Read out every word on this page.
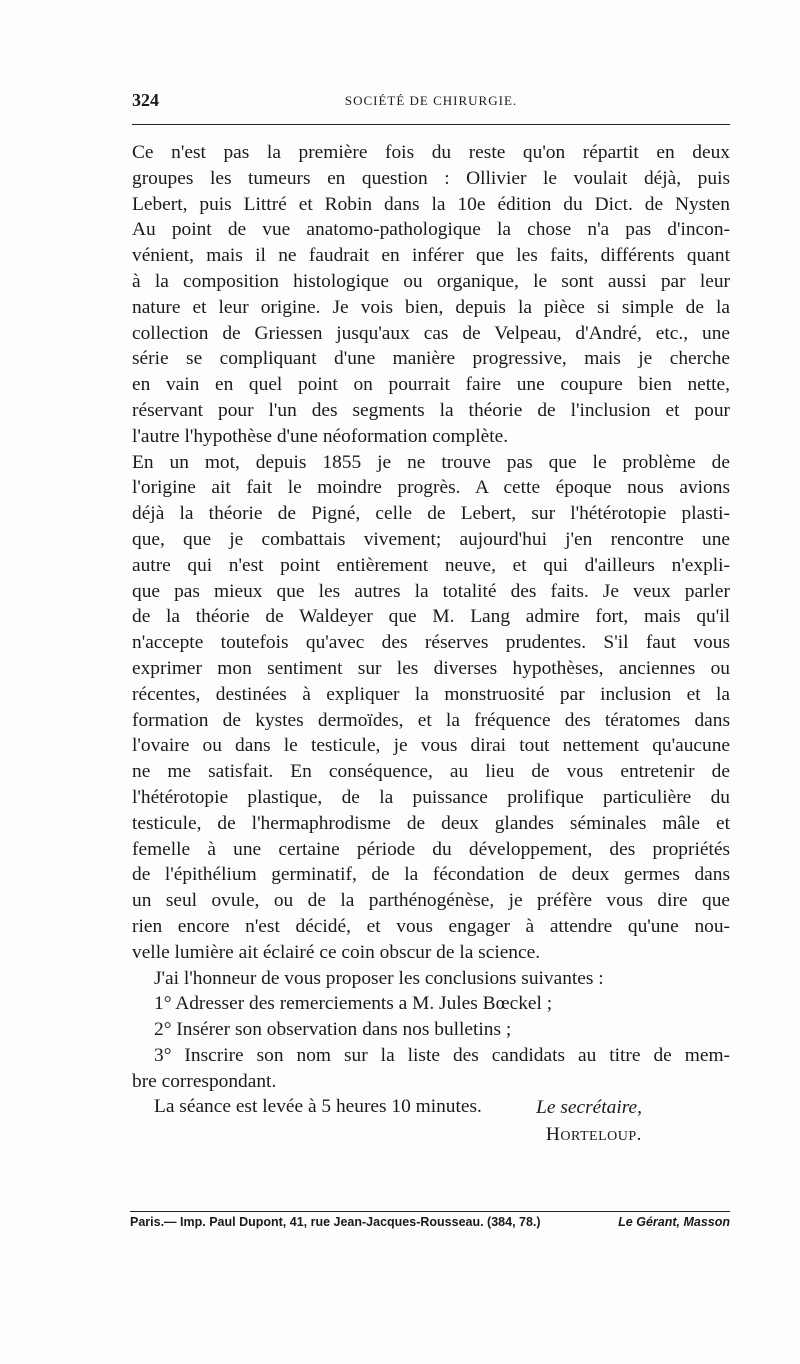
324	SOCIÉTÉ DE CHIRURGIE.
Ce n'est pas la première fois du reste qu'on répartit en deux
groupes les tumeurs en question : Ollivier le voulait déjà, puis
Lebert, puis Littré et Robin dans la 10e édition du Dict. de Nysten
Au point de vue anatomo-pathologique la chose n'a pas d'incon-
vénient, mais il ne faudrait en inférer que les faits, différents quant
à la composition histologique ou organique, le sont aussi par leur
nature et leur origine. Je vois bien, depuis la pièce si simple de la
collection de Griessen jusqu'aux cas de Velpeau, d'André, etc., une
série se compliquant d'une manière progressive, mais je cherche
en vain en quel point on pourrait faire une coupure bien nette,
réservant pour l'un des segments la théorie de l'inclusion et pour
l'autre l'hypothèse d'une néoformation complète.
En un mot, depuis 1855 je ne trouve pas que le problème de
l'origine ait fait le moindre progrès. A cette époque nous avions
déjà la théorie de Pigné, celle de Lebert, sur l'hétérotopie plasti-
que, que je combattais vivement; aujourd'hui j'en rencontre une
autre qui n'est point entièrement neuve, et qui d'ailleurs n'expli-
que pas mieux que les autres la totalité des faits. Je veux parler
de la théorie de Waldeyer que M. Lang admire fort, mais qu'il
n'accepte toutefois qu'avec des réserves prudentes. S'il faut vous
exprimer mon sentiment sur les diverses hypothèses, anciennes ou
récentes, destinées à expliquer la monstruosité par inclusion et la
formation de kystes dermoïdes, et la fréquence des tératomes dans
l'ovaire ou dans le testicule, je vous dirai tout nettement qu'aucune
ne me satisfait. En conséquence, au lieu de vous entretenir de
l'hétérotopie plastique, de la puissance prolifique particulière du
testicule, de l'hermaphrodisme de deux glandes séminales mâle et
femelle à une certaine période du développement, des propriétés
de l'épithélium germinatif, de la fécondation de deux germes dans
un seul ovule, ou de la parthénogénèse, je préfère vous dire que
rien encore n'est décidé, et vous engager à attendre qu'une nou-
velle lumière ait éclairé ce coin obscur de la science.
J'ai l'honneur de vous proposer les conclusions suivantes :
1° Adresser des remerciements a M. Jules Bœckel ;
2° Insérer son observation dans nos bulletins ;
3° Inscrire son nom sur la liste des candidats au titre de mem-
bre correspondant.
La séance est levée à 5 heures 10 minutes.	Le secrétaire,
Horteloup.
Paris.— Imp. Paul Dupont, 41, rue Jean-Jacques-Rousseau. (384, 78.)	Le Gérant, Masson
